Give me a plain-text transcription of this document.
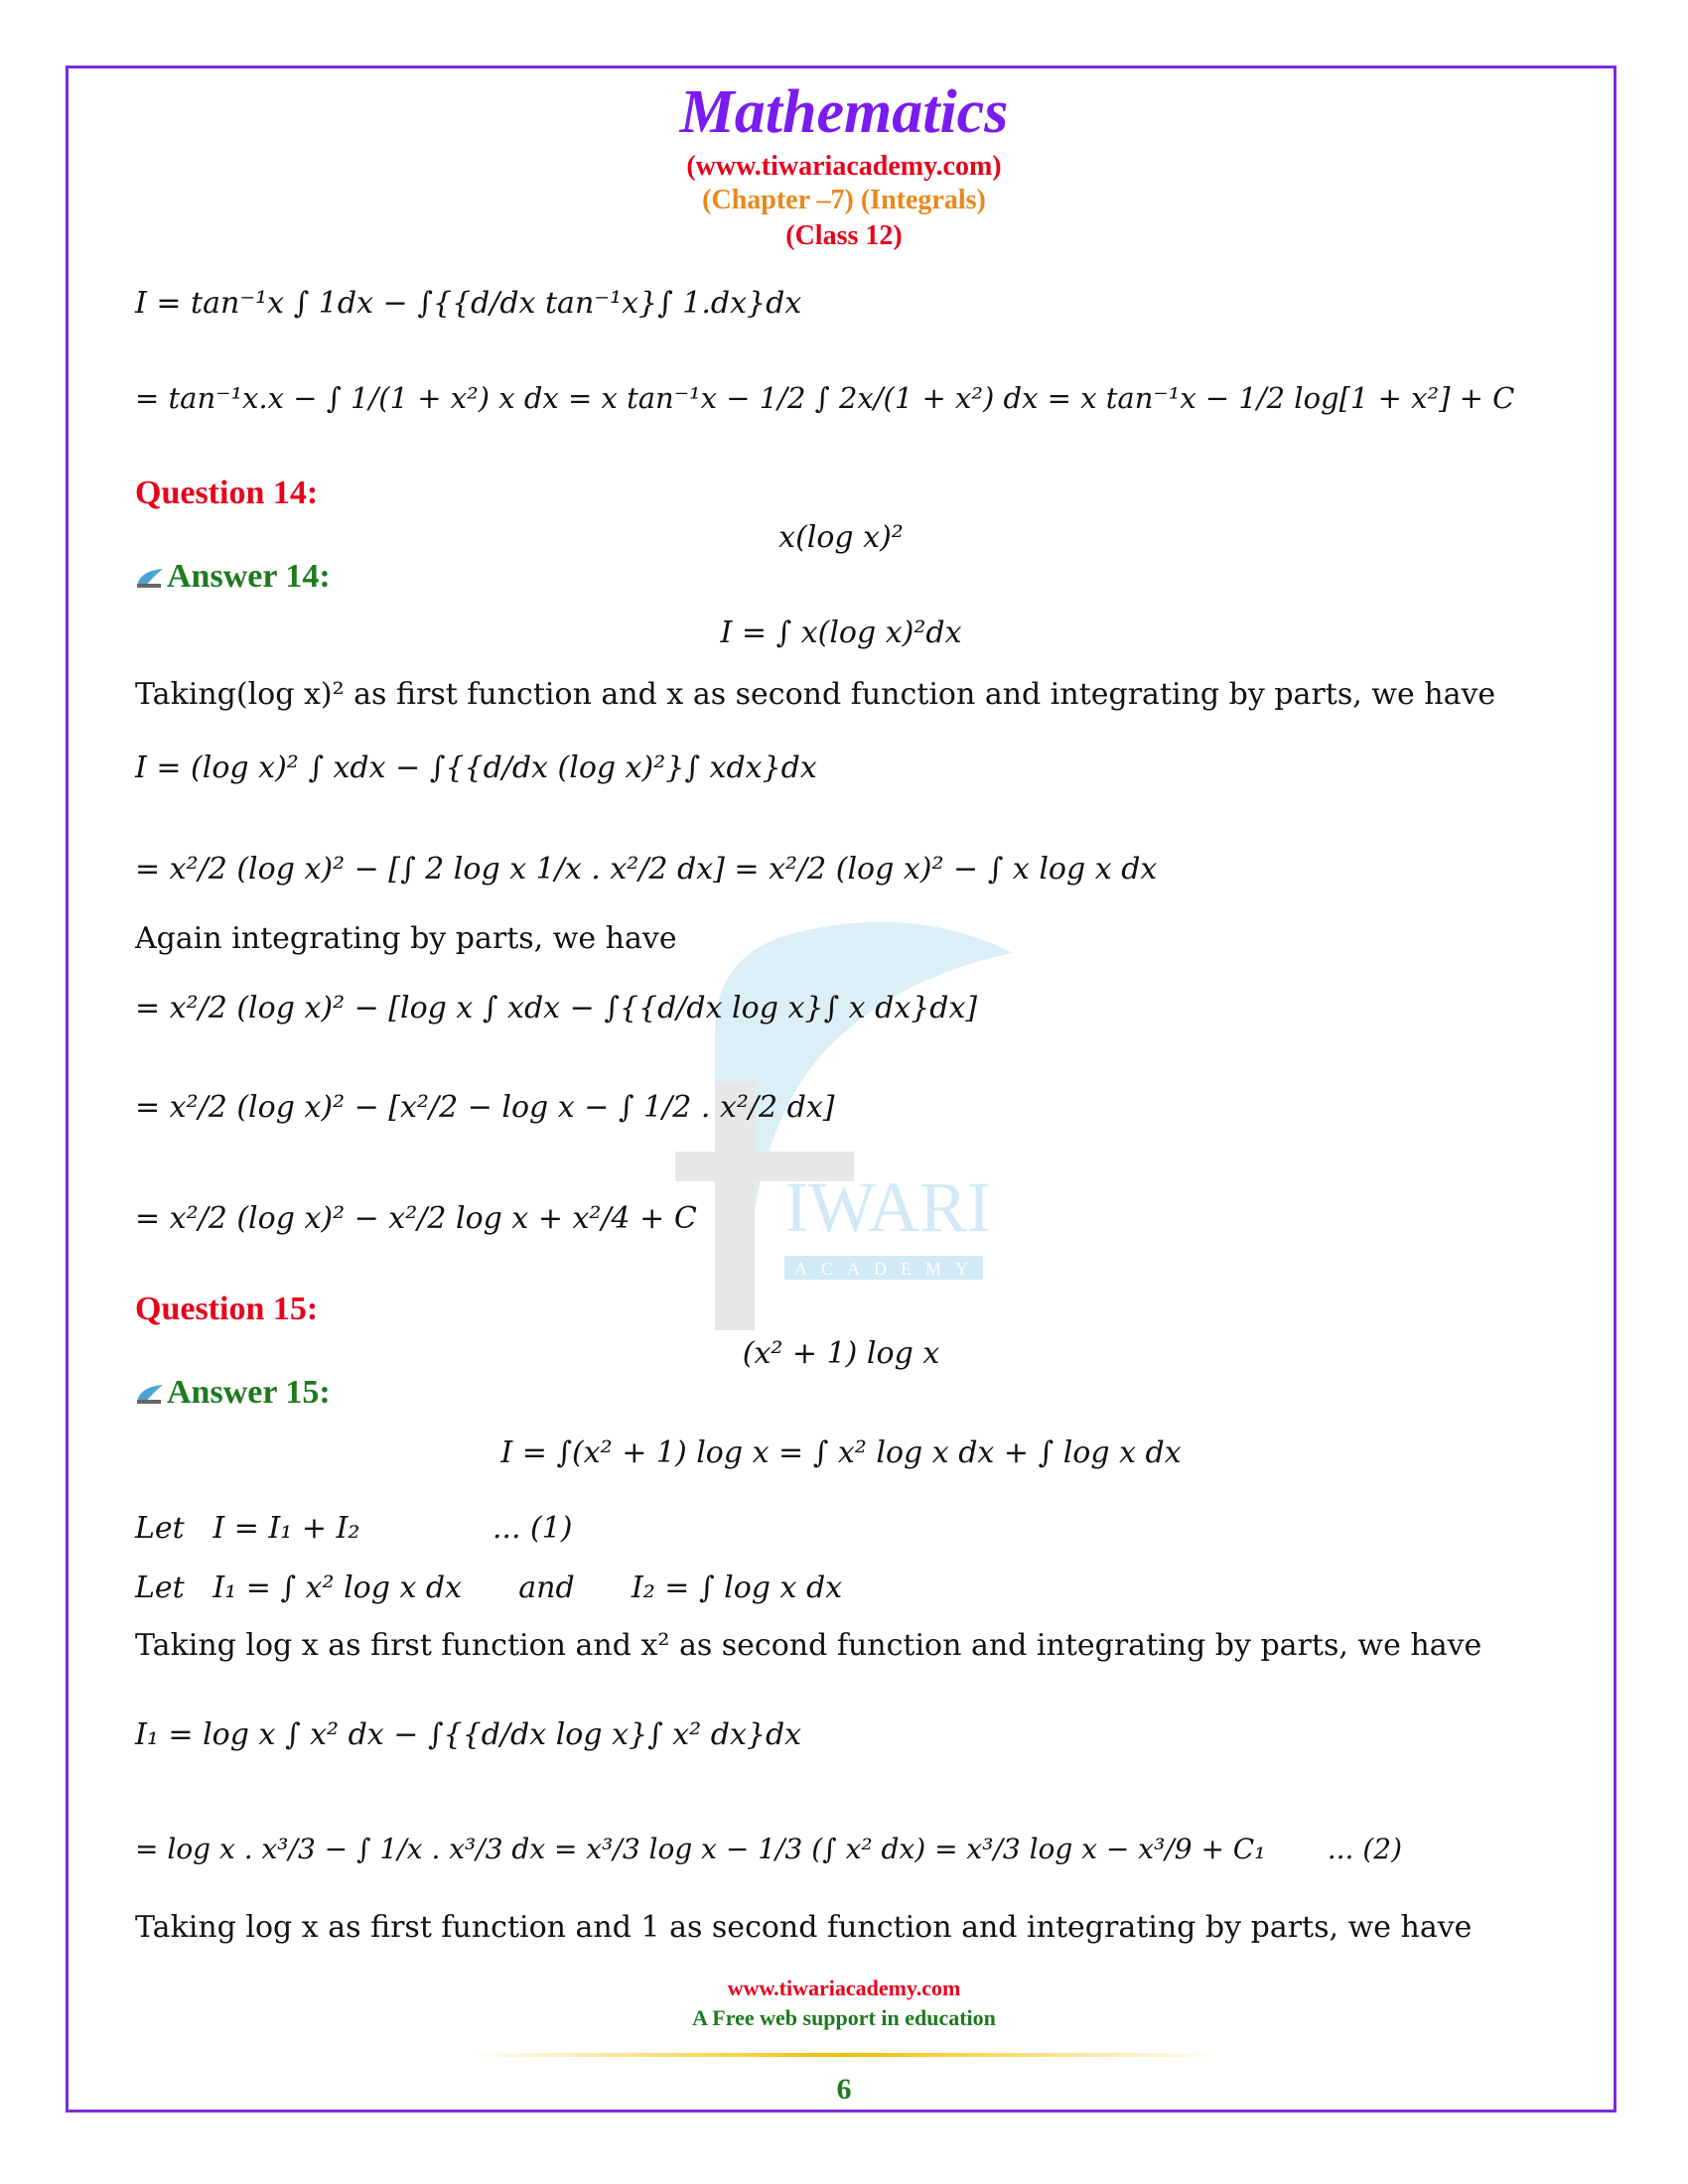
IWARI
ACADEMY
Mathematics
(www.tiwariacademy.com)
(Chapter –7) (Integrals)
(Class 12)
I = tan⁻¹x ∫ 1dx − ∫{{d/dx tan⁻¹x}∫ 1.dx}dx
= tan⁻¹x.x − ∫ 1/(1 + x²) x dx = x tan⁻¹x − 1/2 ∫ 2x/(1 + x²) dx = x tan⁻¹x − 1/2 log[1 + x²] + C
Question 14:
x(log x)²
Answer 14:
I = ∫ x(log x)²dx
Taking(log x)² as first function and x as second function and integrating by parts, we have
I = (log x)² ∫ xdx − ∫{{d/dx (log x)²}∫ xdx}dx
= x²/2 (log x)² − [∫ 2 log x 1/x . x²/2 dx] = x²/2 (log x)² − ∫ x log x dx
Again integrating by parts, we have
= x²/2 (log x)² − [log x ∫ xdx − ∫{{d/dx log x}∫ x dx}dx]
= x²/2 (log x)² − [x²/2 − log x − ∫ 1/2 . x²/2 dx]
= x²/2 (log x)² − x²/2 log x + x²/4 + C
Question 15:
(x² + 1) log x
Answer 15:
I = ∫(x² + 1) log x = ∫ x² log x dx + ∫ log x dx
Let   I = I₁ + I₂              ... (1)
Let   I₁ = ∫ x² log x dx      and      I₂ = ∫ log x dx
Taking log x as first function and x² as second function and integrating by parts, we have
I₁ = log x ∫ x² dx − ∫{{d/dx log x}∫ x² dx}dx
= log x . x³/3 − ∫ 1/x . x³/3 dx = x³/3 log x − 1/3 (∫ x² dx) = x³/3 log x − x³/9 + C₁       ... (2)
Taking log x as first function and 1 as second function and integrating by parts, we have
www.tiwariacademy.com
A Free web support in education
6
